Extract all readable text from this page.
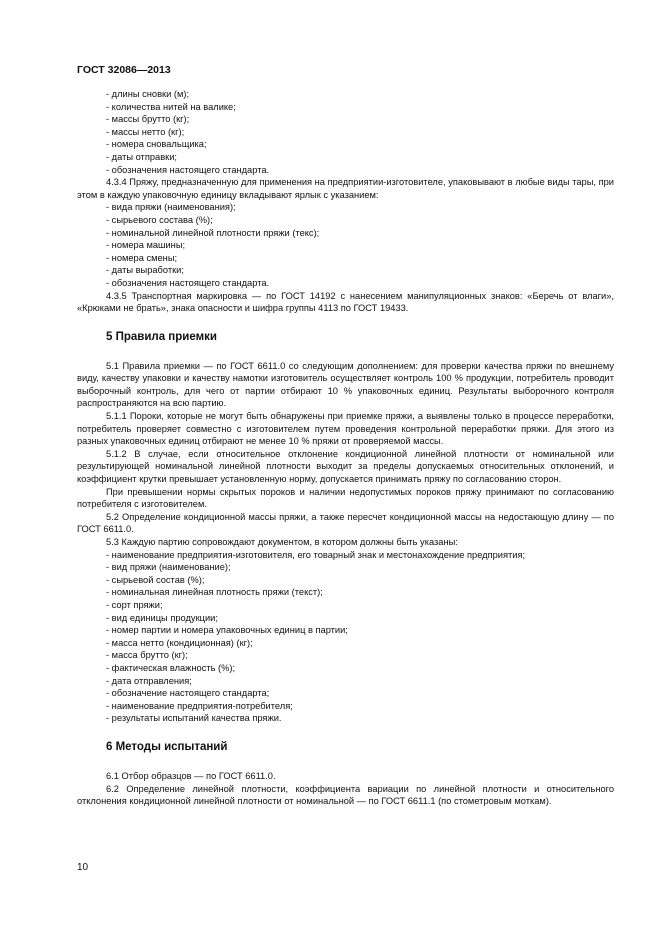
ГОСТ 32086—2013
- длины сновки (м);
- количества нитей на валике;
- массы брутто (кг);
- массы нетто (кг);
- номера сновальщика;
- даты отправки;
- обозначения настоящего стандарта.
4.3.4 Пряжу, предназначенную для применения на предприятии-изготовителе, упаковывают в любые виды тары, при этом в каждую упаковочную единицу вкладывают ярлык с указанием:
- вида пряжи (наименования);
- сырьевого состава (%);
- номинальной линейной плотности пряжи (текс);
- номера машины;
- номера смены;
- даты выработки;
- обозначения настоящего стандарта.
4.3.5 Транспортная маркировка — по ГОСТ 14192 с нанесением манипуляционных знаков: «Беречь от влаги», «Крюками не брать», знака опасности и шифра группы 4113 по ГОСТ 19433.
5 Правила приемки
5.1 Правила приемки — по ГОСТ 6611.0 со следующим дополнением: для проверки качества пряжи по внешнему виду, качеству упаковки и качеству намотки изготовитель осуществляет контроль 100 % продукции, потребитель проводит выборочный контроль, для чего от партии отбирают 10 % упаковочных единиц. Результаты выборочного контроля распространяются на всю партию.
5.1.1 Пороки, которые не могут быть обнаружены при приемке пряжи, а выявлены только в процессе переработки, потребитель проверяет совместно с изготовителем путем проведения контрольной переработки пряжи. Для этого из разных упаковочных единиц отбирают не менее 10 % пряжи от проверяемой массы.
5.1.2 В случае, если относительное отклонение кондиционной линейной плотности от номинальной или результирующей номинальной линейной плотности выходит за пределы допускаемых относительных отклонений, и коэффициент крутки превышает установленную норму, допускается принимать пряжу по согласованию сторон.
При превышении нормы скрытых пороков и наличии недопустимых пороков пряжу принимают по согласованию потребителя с изготовителем.
5.2 Определение кондиционной массы пряжи, а также пересчет кондиционной массы на недостающую длину — по ГОСТ 6611.0.
5.3 Каждую партию сопровождают документом, в котором должны быть указаны:
- наименование предприятия-изготовителя, его товарный знак и местонахождение предприятия;
- вид пряжи (наименование);
- сырьевой состав (%);
- номинальная линейная плотность пряжи (текст);
- сорт пряжи;
- вид единицы продукции;
- номер партии и номера упаковочных единиц в партии;
- масса нетто (кондиционная) (кг);
- масса брутто (кг);
- фактическая влажность (%);
- дата отправления;
- обозначение настоящего стандарта;
- наименование предприятия-потребителя;
- результаты испытаний качества пряжи.
6 Методы испытаний
6.1 Отбор образцов — по ГОСТ 6611.0.
6.2 Определение линейной плотности, коэффициента вариации по линейной плотности и относительного отклонения кондиционной линейной плотности от номинальной — по ГОСТ 6611.1 (по стометровым моткам).
10
